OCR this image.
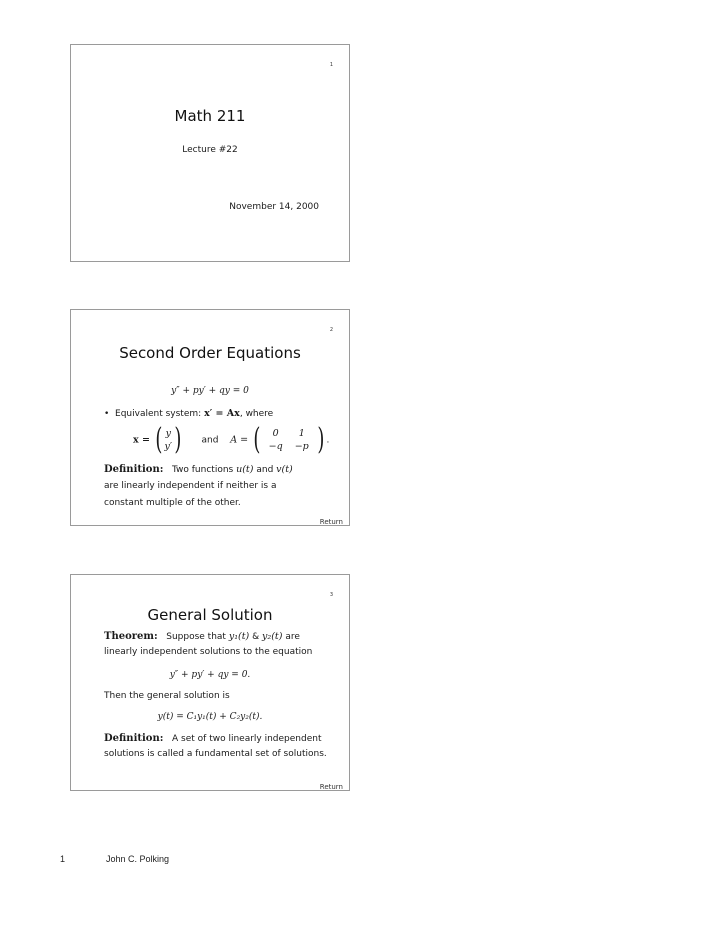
1
Math 211
Lecture #22
November 14, 2000
2
Second Order Equations
y″ + py′ + qy = 0
•  Equivalent system: x′ = Ax, where
x = ( y
y′) and A = ( 0	1
−q	−p ) .
Definition: Two functions u(t) and v(t)
are linearly independent if neither is a
constant multiple of the other.
Return
3
General Solution
Theorem: Suppose that y₁(t) & y₂(t) are
linearly independent solutions to the equation
y″ + py′ + qy = 0.
Then the general solution is
y(t) = C₁y₁(t) + C₂y₂(t).
Definition: A set of two linearly independent
solutions is called a fundamental set of solutions.
Return
1	John C. Polking
